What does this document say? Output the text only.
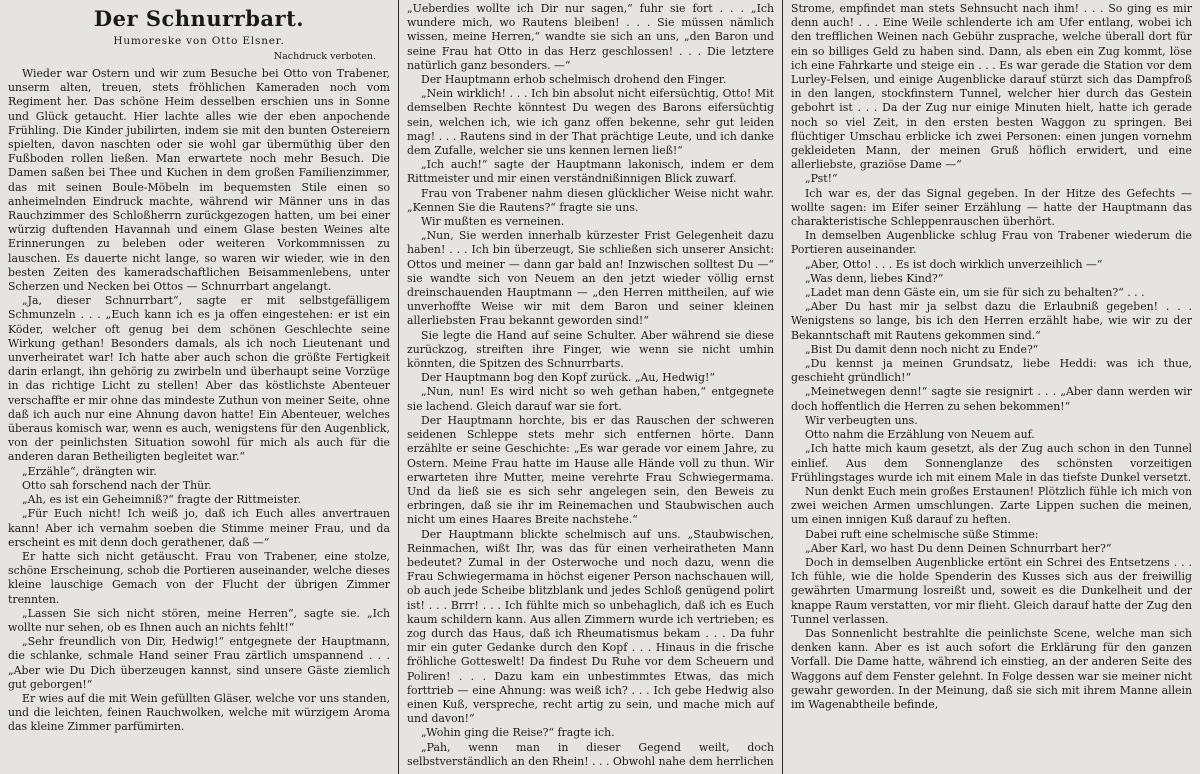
Der Schnurrbart.
Humoreske von Otto Elsner.
Nachdruck verboten.

Wieder war Ostern und wir zum Besuche bei Otto von Trabener, unserm alten, treuen, stets fröhlichen Kameraden noch vom Regiment her. Das schöne Heim desselben erschien uns in Sonne und Glück getaucht. Hier lachte alles wie der eben anpochende Frühling. Die Kinder jubilirten, indem sie mit den bunten Ostereiern spielten, davon naschten oder sie wohl gar übermüthig über den Fußboden rollen ließen. Man erwartete noch mehr Besuch. Die Damen saßen bei Thee und Kuchen in dem großen Familienzimmer, das mit seinen Boule-Möbeln im bequemsten Stile einen so anheimelnden Eindruck machte, während wir Männer uns in das Rauchzimmer des Schloßherrn zurückgezogen hatten, um bei einer würzig duftenden Havannah und einem Glase besten Weines alte Erinnerungen zu beleben oder weiteren Vorkommnissen zu lauschen. Es dauerte nicht lange, so waren wir wieder, wie in den besten Zeiten des kameradschaftlichen Beisammenlebens, unter Scherzen und Necken bei Ottos — Schnurrbart angelangt.

„Ja, dieser Schnurrbart“, sagte er mit selbstgefälligem Schmunzeln . . . „Euch kann ich es ja offen eingestehen: er ist ein Köder, welcher oft genug bei dem schönen Geschlechte seine Wirkung gethan! Besonders damals, als ich noch Lieutenant und unverheiratet war! Ich hatte aber auch schon die größte Fertigkeit darin erlangt, ihn gehörig zu zwirbeln und überhaupt seine Vorzüge in das richtige Licht zu stellen! Aber das köstlichste Abenteuer verschaffte er mir ohne das mindeste Zuthun von meiner Seite, ohne daß ich auch nur eine Ahnung davon hatte! Ein Abenteuer, welches überaus komisch war, wenn es auch, wenigstens für den Augenblick, von der peinlichsten Situation sowohl für mich als auch für die anderen daran Betheiligten begleitet war.“

„Erzähle“, drängten wir.

Otto sah forschend nach der Thür.

„Ah, es ist ein Geheimniß?“ fragte der Rittmeister.

„Für Euch nicht! Ich weiß jo, daß ich Euch alles anvertrauen kann! Aber ich vernahm soeben die Stimme meiner Frau, und da erscheint es mit denn doch gerathener, daß —“

Er hatte sich nicht getäuscht. Frau von Trabener, eine stolze, schöne Erscheinung, schob die Portieren auseinander, welche dieses kleine lauschige Gemach von der Flucht der übrigen Zimmer trennten.

„Lassen Sie sich nicht stören, meine Herren“, sagte sie. „Ich wollte nur sehen, ob es Ihnen auch an nichts fehlt!“

„Sehr freundlich von Dir, Hedwig!“ entgegnete der Hauptmann, die schlanke, schmale Hand seiner Frau zärtlich umspannend . . . „Aber wie Du Dich überzeugen kannst, sind unsere Gäste ziemlich gut geborgen!“

Er wies auf die mit Wein gefüllten Gläser, welche vor uns standen, und die leichten, feinen Rauchwolken, welche mit würzigem Aroma das kleine Zimmer parfümirten.

„Ueberdies wollte ich Dir nur sagen,“ fuhr sie fort . . . „Ich wundere mich, wo Rautens bleiben! . . . Sie müssen nämlich wissen, meine Herren,“ wandte sie sich an uns, „den Baron und seine Frau hat Otto in das Herz geschlossen! . . . Die letztere natürlich ganz besonders. —“

Der Hauptmann erhob schelmisch drohend den Finger.

„Nein wirklich! . . . Ich bin absolut nicht eifersüchtig, Otto! Mit demselben Rechte könntest Du wegen des Barons eifersüchtig sein, welchen ich, wie ich ganz offen bekenne, sehr gut leiden mag! . . . Rautens sind in der That prächtige Leute, und ich danke dem Zufalle, welcher sie uns kennen lernen ließ!“

„Ich auch!“ sagte der Hauptmann lakonisch, indem er dem Rittmeister und mir einen verständnißinnigen Blick zuwarf.

Frau von Trabener nahm diesen glücklicher Weise nicht wahr. „Kennen Sie die Rautens?“ fragte sie uns.

Wir mußten es verneinen.

„Nun, Sie werden innerhalb kürzester Frist Gelegenheit dazu haben! . . . Ich bin überzeugt, Sie schließen sich unserer Ansicht: Ottos und meiner — dann gar bald an! Inzwischen solltest Du —“ sie wandte sich von Neuem an den jetzt wieder völlig ernst dreinschauenden Hauptmann — „den Herren mittheilen, auf wie unverhoffte Weise wir mit dem Baron und seiner kleinen allerliebsten Frau bekannt geworden sind!“

Sie legte die Hand auf seine Schulter. Aber während sie diese zurückzog, streiften ihre Finger, wie wenn sie nicht umhin könnten, die Spitzen des Schnurrbarts.

Der Hauptmann bog den Kopf zurück. „Au, Hedwig!“

„Nun, nun! Es wird nicht so weh gethan haben,“ entgegnete sie lachend. Gleich darauf war sie fort.

Der Hauptmann horchte, bis er das Rauschen der schweren seidenen Schleppe stets mehr sich entfernen hörte. Dann erzählte er seine Geschichte: „Es war gerade vor einem Jahre, zu Ostern. Meine Frau hatte im Hause alle Hände voll zu thun. Wir erwarteten ihre Mutter, meine verehrte Frau Schwiegermama. Und da ließ sie es sich sehr angelegen sein, den Beweis zu erbringen, daß sie ihr im Reinemachen und Staubwischen auch nicht um eines Haares Breite nachstehe.“

Der Hauptmann blickte schelmisch auf uns. „Staubwischen, Reinmachen, wißt Ihr, was das für einen verheiratheten Mann bedeutet? Zumal in der Osterwoche und noch dazu, wenn die Frau Schwiegermama in höchst eigener Person nachschauen will, ob auch jede Scheibe blitzblank und jedes Schloß genügend polirt ist! . . . Brrr! . . . Ich fühlte mich so unbehaglich, daß ich es Euch kaum schildern kann. Aus allen Zimmern wurde ich vertrieben; es zog durch das Haus, daß ich Rheumatismus bekam . . . Da fuhr mir ein guter Gedanke durch den Kopf . . . Hinaus in die frische fröhliche Gotteswelt! Da findest Du Ruhe vor dem Scheuern und Poliren! . . . Dazu kam ein unbestimmtes Etwas, das mich forttrieb — eine Ahnung: was weiß ich? . . . Ich gebe Hedwig also einen Kuß, verspreche, recht artig zu sein, und mache mich auf und davon!“

„Wohin ging die Reise?“ fragte ich.

„Pah, wenn man in dieser Gegend weilt, doch selbstverständlich an den Rhein! . . . Obwohl nahe dem herrlichen

Strome, empfindet man stets Sehnsucht nach ihm! . . . So ging es mir denn auch! . . . Eine Weile schlenderte ich am Ufer entlang, wobei ich den trefflichen Weinen nach Gebühr zusprache, welche überall dort für ein so billiges Geld zu haben sind. Dann, als eben ein Zug kommt, löse ich eine Fahrkarte und steige ein . . . Es war gerade die Station vor dem Lurley-Felsen, und einige Augenblicke darauf stürzt sich das Dampfroß in den langen, stockfinstern Tunnel, welcher hier durch das Gestein gebohrt ist . . . Da der Zug nur einige Minuten hielt, hatte ich gerade noch so viel Zeit, in den ersten besten Waggon zu springen. Bei flüchtiger Umschau erblicke ich zwei Personen: einen jungen vornehm gekleideten Mann, der meinen Gruß höflich erwidert, und eine allerliebste, graziöse Dame —“

„Pst!“

Ich war es, der das Signal gegeben. In der Hitze des Gefechts — wollte sagen: im Eifer seiner Erzählung — hatte der Hauptmann das charakteristische Schleppenrauschen überhört.

In demselben Augenblicke schlug Frau von Trabener wiederum die Portieren auseinander.

„Aber, Otto! . . . Es ist doch wirklich unverzeihlich —“

„Was denn, liebes Kind?“

„Ladet man denn Gäste ein, um sie für sich zu behalten?“ . . .

„Aber Du hast mir ja selbst dazu die Erlaubniß gegeben! . . . Wenigstens so lange, bis ich den Herren erzählt habe, wie wir zu der Bekanntschaft mit Rautens gekommen sind.“

„Bist Du damit denn noch nicht zu Ende?“

„Du kennst ja meinen Grundsatz, liebe Heddi: was ich thue, geschieht gründlich!“

„Meinetwegen denn!“ sagte sie resignirt . . . „Aber dann werden wir doch hoffentlich die Herren zu sehen bekommen!“

Wir verbeugten uns.

Otto nahm die Erzählung von Neuem auf.

„Ich hatte mich kaum gesetzt, als der Zug auch schon in den Tunnel einlief. Aus dem Sonnenglanze des schönsten vorzeitigen Frühlingstages wurde ich mit einem Male in das tiefste Dunkel versetzt.

Nun denkt Euch mein großes Erstaunen! Plötzlich fühle ich mich von zwei weichen Armen umschlungen. Zarte Lippen suchen die meinen, um einen innigen Kuß darauf zu heften.

Dabei ruft eine schelmische süße Stimme:

„Aber Karl, wo hast Du denn Deinen Schnurrbart her?“

Doch in demselben Augenblicke ertönt ein Schrei des Entsetzens . . . Ich fühle, wie die holde Spenderin des Kusses sich aus der freiwillig gewährten Umarmung losreißt und, soweit es die Dunkelheit und der knappe Raum verstatten, vor mir flieht. Gleich darauf hatte der Zug den Tunnel verlassen.

Das Sonnenlicht bestrahlte die peinlichste Scene, welche man sich denken kann. Aber es ist auch sofort die Erklärung für den ganzen Vorfall. Die Dame hatte, während ich einstieg, an der anderen Seite des Waggons auf dem Fenster gelehnt. In Folge dessen war sie meiner nicht gewahr geworden. In der Meinung, daß sie sich mit ihrem Manne allein im Wagenabtheile befinde,
